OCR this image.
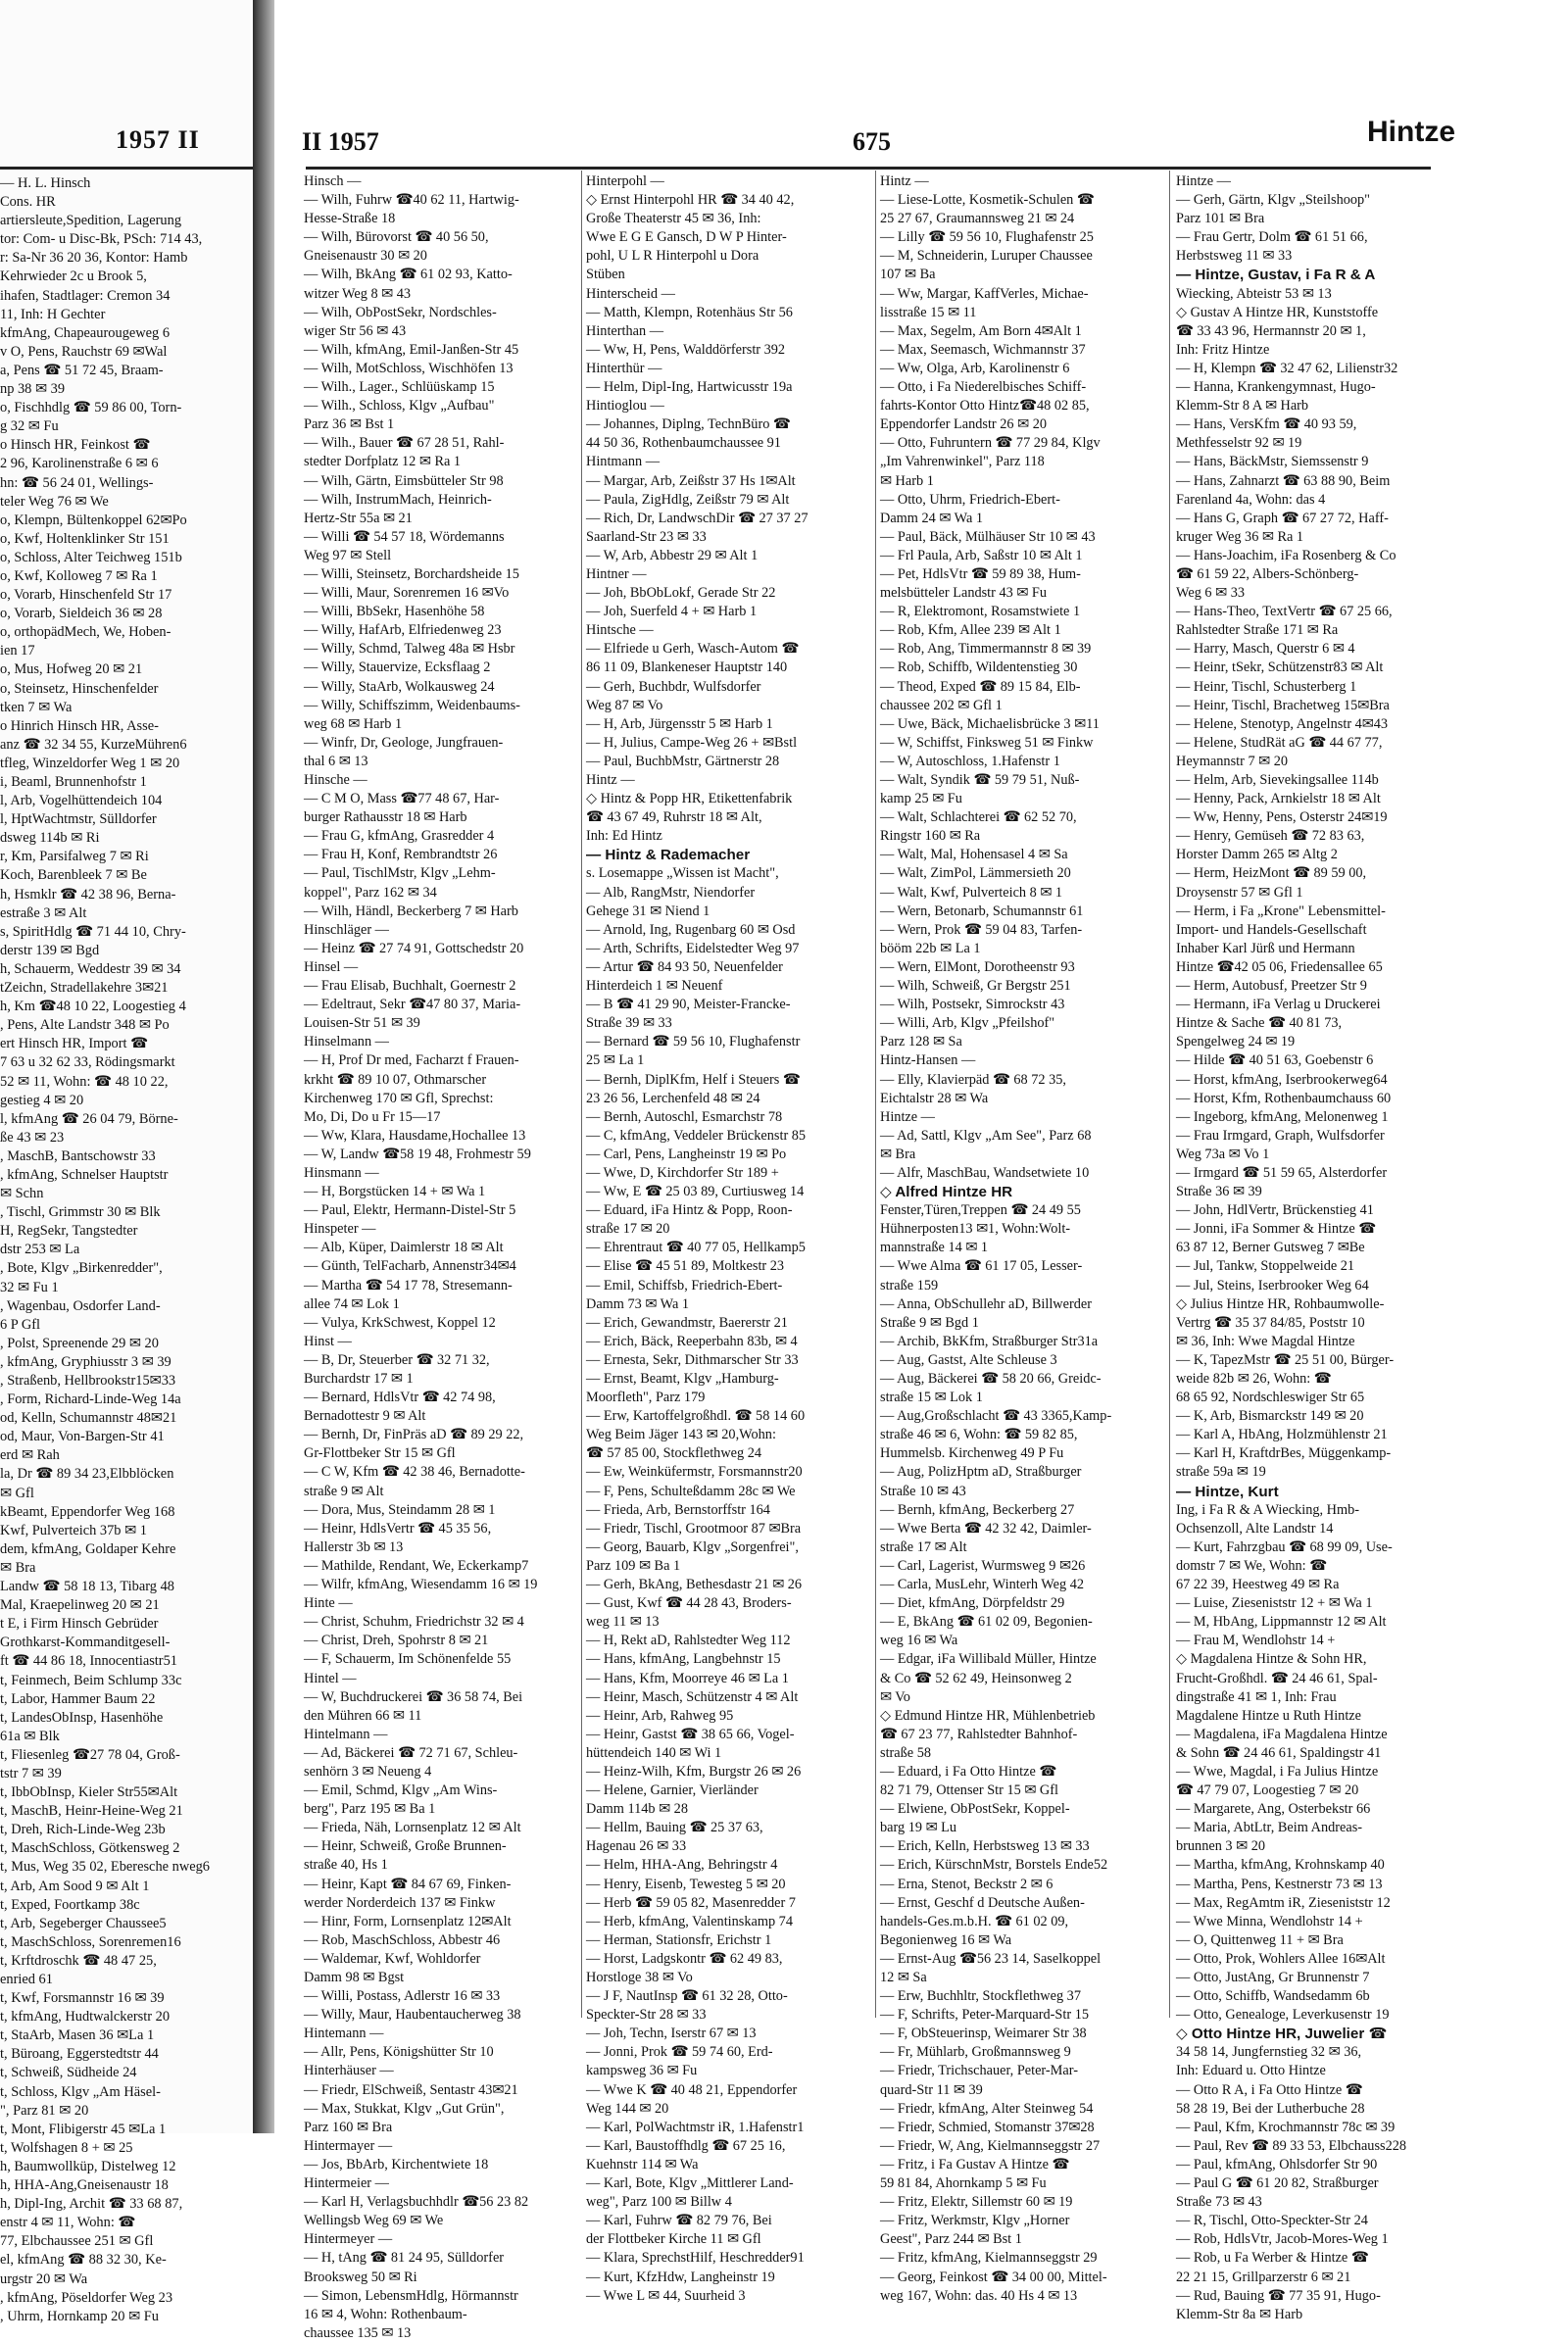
1957 II
— H. L. Hinsch
Cons. HR
artiersleute,Spedition, Lagerung
tor: Com- u Disc-Bk, PSch: 714 43,
r: Sa-Nr 36 20 36, Kontor: Hamb
Kehrwieder 2c u Brook 5,
ihafen, Stadtlager: Cremon 34
11, Inh: H Gechter
kfmAng, Chapeaurougeweg 6
v O, Pens, Rauchstr 69 ✉Wal
a, Pens ☎ 51 72 45, Braam-
np 38 ✉ 39
o, Fischhdlg ☎ 59 86 00, Torn-
g 32 ✉ Fu
o Hinsch HR, Feinkost ☎
2 96, Karolinenstraße 6 ✉ 6
hn: ☎ 56 24 01, Wellings-
teler Weg 76 ✉ We
o, Klempn, Bültenkoppel 62✉Po
o, Kwf, Holtenklinker Str 151
o, Schloss, Alter Teichweg 151b
o, Kwf, Kolloweg 7 ✉ Ra 1
o, Vorarb, Hinschenfeld Str 17
o, Vorarb, Sieldeich 36 ✉ 28
o, orthopädMech, We, Hoben-
ien 17
o, Mus, Hofweg 20 ✉ 21
o, Steinsetz, Hinschenfelder
tken 7 ✉ Wa
o Hinrich Hinsch HR, Asse-
anz ☎ 32 34 55, KurzeMühren6
tfleg, Winzeldorfer Weg 1 ✉ 20
i, Beaml, Brunnenhofstr 1
l, Arb, Vogelhüttendeich 104
l, HptWachtmstr, Sülldorfer
dsweg 114b ✉ Ri
r, Km, Parsifalweg 7 ✉ Ri
Koch, Barenbleek 7 ✉ Be
h, Hsmklr ☎ 42 38 96, Berna-
estraße 3 ✉ Alt
s, SpiritHdlg ☎ 71 44 10, Chry-
derstr 139 ✉ Bgd
h, Schauerm, Weddestr 39 ✉ 34
tZeichn, Stradellakehre 3✉21
h, Km ☎48 10 22, Loogestieg 4
, Pens, Alte Landstr 348 ✉ Po
ert Hinsch HR, Import ☎
7 63 u 32 62 33, Rödingsmarkt
52 ✉ 11, Wohn: ☎ 48 10 22,
gestieg 4 ✉ 20
l, kfmAng ☎ 26 04 79, Börne-
ße 43 ✉ 23
, MaschB, Bantschowstr 33
, kfmAng, Schnelser Hauptstr
✉ Schn
, Tischl, Grimmstr 30 ✉ Blk
H, RegSekr, Tangstedter
dstr 253 ✉ La
, Bote, Klgv „Birkenredder",
32 ✉ Fu 1
, Wagenbau, Osdorfer Land-
6 P Gfl
, Polst, Spreenende 29 ✉ 20
, kfmAng, Gryphiusstr 3 ✉ 39
, Straßenb, Hellbrookstr15✉33
, Form, Richard-Linde-Weg 14a
od, Kelln, Schumannstr 48✉21
od, Maur, Von-Bargen-Str 41
erd ✉ Rah
la, Dr ☎ 89 34 23,Elbblöcken
✉ Gfl
kBeamt, Eppendorfer Weg 168
Kwf, Pulverteich 37b ✉ 1
dem, kfmAng, Goldaper Kehre
✉ Bra
Landw ☎ 58 18 13, Tibarg 48
Mal, Kraepelinweg 20 ✉ 21
t E, i Firm Hinsch Gebrüder
Grothkarst-Kommanditgesell-
ft ☎ 44 86 18, Innocentiastr51
t, Feinmech, Beim Schlump 33c
t, Labor, Hammer Baum 22
t, LandesObInsp, Hasenhöhe
61a ✉ Blk
t, Fliesenleg ☎27 78 04, Groß-
tstr 7 ✉ 39
t, IbbObInsp, Kieler Str55✉Alt
t, MaschB, Heinr-Heine-Weg 21
t, Dreh, Rich-Linde-Weg 23b
t, MaschSchloss, Götkensweg 2
t, Mus, Weg 35 02, Eberesche nweg6
t, Arb, Am Sood 9 ✉ Alt 1
t, Exped, Foortkamp 38c
t, Arb, Segeberger Chaussee5
t, MaschSchloss, Sorenremen16
t, Krftdroschk ☎ 48 47 25,
enried 61
t, Kwf, Forsmannstr 16 ✉ 39
t, kfmAng, Hudtwalckerstr 20
t, StaArb, Masen 36 ✉La 1
t, Büroang, Eggerstedtstr 44
t, Schweiß, Südheide 24
t, Schloss, Klgv „Am Häsel-
", Parz 81 ✉ 20
t, Mont, Flibigerstr 45 ✉La 1
t, Wolfshagen 8 + ✉ 25
h, Baumwollküp, Distelweg 12
h, HHA-Ang,Gneisenaustr 18
h, Dipl-Ing, Archit ☎ 33 68 87,
enstr 4 ✉ 11, Wohn: ☎
77, Elbchaussee 251 ✉ Gfl
el, kfmAng ☎ 88 32 30, Ke-
urgstr 20 ✉ Wa
, kfmAng, Pöseldorfer Weg 23
, Uhrm, Hornkamp 20 ✉ Fu
II 1957	675	Hintze
Hinsch —
— Wilh, Fuhrw ☎40 62 11, Hartwig-
Hesse-Straße 18
— Wilh, Bürovorst ☎ 40 56 50,
Gneisenaustr 30 ✉ 20
— Wilh, BkAng ☎ 61 02 93, Katto-
witzer Weg 8 ✉ 43
— Wilh, ObPostSekr, Nordschles-
wiger Str 56 ✉ 43
— Wilh, kfmAng, Emil-Janßen-Str 45
— Wilh, MotSchloss, Wischhöfen 13
— Wilh., Lager., Schlüüskamp 15
— Wilh., Schloss, Klgv „Aufbau"
Parz 36 ✉ Bst 1
— Wilh., Bauer ☎ 67 28 51, Rahl-
stedter Dorfplatz 12 ✉ Ra 1
— Wilh, Gärtn, Eimsbütteler Str 98
— Wilh, InstrumMach, Heinrich-
Hertz-Str 55a ✉ 21
— Willi ☎ 54 57 18, Wördemanns
Weg 97 ✉ Stell
— Willi, Steinsetz, Borchardsheide 15
— Willi, Maur, Sorenremen 16 ✉Vo
— Willi, BbSekr, Hasenhöhe 58
— Willy, HafArb, Elfriedenweg 23
— Willy, Schmd, Talweg 48a ✉ Hsbr
— Willy, Stauervize, Ecksflaag 2
— Willy, StaArb, Wolkausweg 24
— Willy, Schiffszimm, Weidenbaums-
weg 68 ✉ Harb 1
— Winfr, Dr, Geologe, Jungfrauen-
thal 6 ✉ 13
Hinsche —
— C M O, Mass ☎77 48 67, Har-
burger Rathausstr 18 ✉ Harb
— Frau G, kfmAng, Grasredder 4
— Frau H, Konf, Rembrandtstr 26
— Paul, TischlMstr, Klgv „Lehm-
koppel", Parz 162 ✉ 34
— Wilh, Händl, Beckerberg 7 ✉ Harb
Hinschläger —
— Heinz ☎ 27 74 91, Gottschedstr 20
Hinsel —
— Frau Elisab, Buchhalt, Goernestr 2
— Edeltraut, Sekr ☎47 80 37, Maria-
Louisen-Str 51 ✉ 39
Hinselmann —
— H, Prof Dr med, Facharzt f Frauen-
krkht ☎ 89 10 07, Othmarscher
Kirchenweg 170 ✉ Gfl, Sprechst:
Mo, Di, Do u Fr 15—17
— Ww, Klara, Hausdame,Hochallee 13
— W, Landw ☎58 19 48, Frohmestr 59
Hinsmann —
— H, Borgstücken 14 + ✉ Wa 1
— Paul, Elektr, Hermann-Distel-Str 5
Hinspeter —
— Alb, Küper, Daimlerstr 18 ✉ Alt
— Günth, TelFacharb, Annenstr34✉4
— Martha ☎ 54 17 78, Stresemann-
allee 74 ✉ Lok 1
— Vulya, KrkSchwest, Koppel 12
Hinst —
— B, Dr, Steuerber ☎ 32 71 32,
Burchardstr 17 ✉ 1
— Bernard, HdlsVtr ☎ 42 74 98,
Bernadottestr 9 ✉ Alt
— Bernh, Dr, FinPräs aD ☎ 89 29 22,
Gr-Flottbeker Str 15 ✉ Gfl
— C W, Kfm ☎ 42 38 46, Bernadotte-
straße 9 ✉ Alt
— Dora, Mus, Steindamm 28 ✉ 1
— Heinr, HdlsVertr ☎ 45 35 56,
Hallerstr 3b ✉ 13
— Mathilde, Rendant, We, Eckerkamp7
— Wilfr, kfmAng, Wiesendamm 16 ✉ 19
Hinte —
— Christ, Schuhm, Friedrichstr 32 ✉ 4
— Christ, Dreh, Spohrstr 8 ✉ 21
— F, Schauerm, Im Schönenfelde 55
Hintel —
— W, Buchdruckerei ☎ 36 58 74, Bei
den Mühren 66 ✉ 11
Hintelmann —
— Ad, Bäckerei ☎ 72 71 67, Schleu-
senhörn 3 ✉ Neueng 4
— Emil, Schmd, Klgv „Am Wins-
berg", Parz 195 ✉ Ba 1
— Frieda, Näh, Lornsenplatz 12 ✉ Alt
— Heinr, Schweiß, Große Brunnen-
straße 40, Hs 1
— Heinr, Kapt ☎ 84 67 69, Finken-
werder Norderdeich 137 ✉ Finkw
— Hinr, Form, Lornsenplatz 12✉Alt
— Rob, MaschSchloss, Abbestr 46
— Waldemar, Kwf, Wohldorfer
Damm 98 ✉ Bgst
— Willi, Postass, Adlerstr 16 ✉ 33
— Willy, Maur, Haubentaucherweg 38
Hintemann —
— Allr, Pens, Königshütter Str 10
Hinterhäuser —
— Friedr, ElSchweiß, Sentastr 43✉21
— Max, Stukkat, Klgv „Gut Grün",
Parz 160 ✉ Bra
Hintermayer —
— Jos, BbArb, Kirchentwiete 18
Hintermeier —
— Karl H, Verlagsbuchhdlr ☎56 23 82
Wellingsb Weg 69 ✉ We
Hintermeyer —
— H, tAng ☎ 81 24 95, Sülldorfer
Brooksweg 50 ✉ Ri
— Simon, LebensmHdlg, Hörmannstr
16 ✉ 4, Wohn: Rothenbaum-
chaussee 135 ✉ 13
Hinterpohl —
◇ Ernst Hinterpohl HR ☎ 34 40 42,
Große Theaterstr 45 ✉ 36, Inh:
Wwe E G E Gansch, D W P Hinter-
pohl, U L R Hinterpohl u Dora
Stüben
Hinterscheid —
— Matth, Klempn, Rotenhäus Str 56
Hinterthan —
— Ww, H, Pens, Walddörferstr 392
Hinterthür —
— Helm, Dipl-Ing, Hartwicusstr 19a
Hintioglou —
— Johannes, Diplng, TechnBüro ☎
44 50 36, Rothenbaumchaussee 91
Hintmann —
— Margar, Arb, Zeißstr 37 Hs 1✉Alt
— Paula, ZigHdlg, Zeißstr 79 ✉ Alt
— Rich, Dr, LandwschDir ☎ 27 37 27
Saarland-Str 23 ✉ 33
— W, Arb, Abbestr 29 ✉ Alt 1
Hintner —
— Joh, BbObLokf, Gerade Str 22
— Joh, Suerfeld 4 + ✉ Harb 1
Hintsche —
— Elfriede u Gerh, Wasch-Autom ☎
86 11 09, Blankeneser Hauptstr 140
— Gerh, Buchbdr, Wulfsdorfer
Weg 87 ✉ Vo
— H, Arb, Jürgensstr 5 ✉ Harb 1
— H, Julius, Campe-Weg 26 + ✉Bstl
— Paul, BuchbMstr, Gärtnerstr 28
Hintz —
◇ Hintz & Popp HR, Etikettenfabrik
☎ 43 67 49, Ruhrstr 18 ✉ Alt,
Inh: Ed Hintz
— Hintz & Rademacher
s. Losemappe „Wissen ist Macht",
— Alb, RangMstr, Niendorfer
Gehege 31 ✉ Niend 1
— Arnold, Ing, Rugenbarg 60 ✉ Osd
— Arth, Schrifts, Eidelstedter Weg 97
— Artur ☎ 84 93 50, Neuenfelder
Hinterdeich 1 ✉ Neuenf
— B ☎ 41 29 90, Meister-Francke-
Straße 39 ✉ 33
— Bernard ☎ 59 56 10, Flughafenstr
25 ✉ La 1
— Bernh, DiplKfm, Helf i Steuers ☎
23 26 56, Lerchenfeld 48 ✉ 24
— Bernh, Autoschl, Esmarchstr 78
— C, kfmAng, Veddeler Brückenstr 85
— Carl, Pens, Langheinstr 19 ✉ Po
— Wwe, D, Kirchdorfer Str 189 +
— Ww, E ☎ 25 03 89, Curtiusweg 14
— Eduard, iFa Hintz & Popp, Roon-
straße 17 ✉ 20
— Ehrentraut ☎ 40 77 05, Hellkamp5
— Elise ☎ 45 51 89, Moltkestr 23
— Emil, Schiffsb, Friedrich-Ebert-
Damm 73 ✉ Wa 1
— Erich, Gewandmstr, Baererstr 21
— Erich, Bäck, Reeperbahn 83b, ✉ 4
— Ernesta, Sekr, Dithmarscher Str 33
— Ernst, Beamt, Klgv „Hamburg-
Moorfleth", Parz 179
— Erw, Kartoffelgroßhdl. ☎ 58 14 60
Weg Beim Jäger 143 ✉ 20,Wohn:
☎ 57 85 00, Stockflethweg 24
— Ew, Weinküfermstr, Forsmannstr20
— F, Pens, Schulteßdamm 28c ✉ We
— Frieda, Arb, Bernstorffstr 164
— Friedr, Tischl, Grootmoor 87 ✉Bra
— Georg, Bauarb, Klgv „Sorgenfrei",
Parz 109 ✉ Ba 1
— Gerh, BkAng, Bethesdastr 21 ✉ 26
— Gust, Kwf ☎ 44 28 43, Broders-
weg 11 ✉ 13
— H, Rekt aD, Rahlstedter Weg 112
— Hans, kfmAng, Langbehnstr 15
— Hans, Kfm, Moorreye 46 ✉ La 1
— Heinr, Masch, Schützenstr 4 ✉ Alt
— Heinr, Arb, Rahweg 95
— Heinr, Gastst ☎ 38 65 66, Vogel-
hüttendeich 140 ✉ Wi 1
— Heinz-Wilh, Kfm, Burgstr 26 ✉ 26
— Helene, Garnier, Vierländer
Damm 114b ✉ 28
— Hellm, Bauing ☎ 25 37 63,
Hagenau 26 ✉ 33
— Helm, HHA-Ang, Behringstr 4
— Henry, Eisenb, Tewesteg 5 ✉ 20
— Herb ☎ 59 05 82, Masenredder 7
— Herb, kfmAng, Valentinskamp 74
— Herman, Stationsfr, Erichstr 1
— Horst, Ladgskontr ☎ 62 49 83,
Horstloge 38 ✉ Vo
— J F, NautInsp ☎ 61 32 28, Otto-
Speckter-Str 28 ✉ 33
— Joh, Techn, Iserstr 67 ✉ 13
— Jonni, Prok ☎ 59 74 60, Erd-
kampsweg 36 ✉ Fu
— Wwe K ☎ 40 48 21, Eppendorfer
Weg 144 ✉ 20
— Karl, PolWachtmstr iR, 1.Hafenstr1
— Karl, Baustoffhdlg ☎ 67 25 16,
Kuehnstr 114 ✉ Wa
— Karl, Bote, Klgv „Mittlerer Land-
weg", Parz 100 ✉ Billw 4
— Karl, Fuhrw ☎ 82 79 76, Bei
der Flottbeker Kirche 11 ✉ Gfl
— Klara, SprechstHilf, Heschredder91
— Kurt, KfzHdw, Langheinstr 19
— Wwe L ✉ 44, Suurheid 3
Hintz —
— Liese-Lotte, Kosmetik-Schulen ☎
25 27 67, Graumannsweg 21 ✉ 24
— Lilly ☎ 59 56 10, Flughafenstr 25
— M, Schneiderin, Luruper Chaussee
107 ✉ Ba
— Ww, Margar, KaffVerles, Michae-
lisstraße 15 ✉ 11
— Max, Segelm, Am Born 4✉Alt 1
— Max, Seemasch, Wichmannstr 37
— Ww, Olga, Arb, Karolinenstr 6
— Otto, i Fa Niederelbisches Schiff-
fahrts-Kontor Otto Hintz☎48 02 85,
Eppendorfer Landstr 26 ✉ 20
— Otto, Fuhruntern ☎ 77 29 84, Klgv
„Im Vahrenwinkel", Parz 118
✉ Harb 1
— Otto, Uhrm, Friedrich-Ebert-
Damm 24 ✉ Wa 1
— Paul, Bäck, Mülhäuser Str 10 ✉ 43
— Frl Paula, Arb, Saßstr 10 ✉ Alt 1
— Pet, HdlsVtr ☎ 59 89 38, Hum-
melsbütteler Landstr 43 ✉ Fu
— R, Elektromont, Rosamstwiete 1
— Rob, Kfm, Allee 239 ✉ Alt 1
— Rob, Ang, Timmermannstr 8 ✉ 39
— Rob, Schiffb, Wildentenstieg 30
— Theod, Exped ☎ 89 15 84, Elb-
chaussee 202 ✉ Gfl 1
— Uwe, Bäck, Michaelisbrücke 3 ✉11
— W, Schiffst, Finksweg 51 ✉ Finkw
— W, Autoschloss, 1.Hafenstr 1
— Walt, Syndik ☎ 59 79 51, Nuß-
kamp 25 ✉ Fu
— Walt, Schlachterei ☎ 62 52 70,
Ringstr 160 ✉ Ra
— Walt, Mal, Hohensasel 4 ✉ Sa
— Walt, ZimPol, Lämmersieth 20
— Walt, Kwf, Pulverteich 8 ✉ 1
— Wern, Betonarb, Schumannstr 61
— Wern, Prok ☎ 59 04 83, Tarfen-
bööm 22b ✉ La 1
— Wern, ElMont, Dorotheenstr 93
— Wilh, Schweiß, Gr Bergstr 251
— Wilh, Postsekr, Simrockstr 43
— Willi, Arb, Klgv „Pfeilshof"
Parz 128 ✉ Sa
Hintz-Hansen —
— Elly, Klavierpäd ☎ 68 72 35,
Eichtalstr 28 ✉ Wa
Hintze —
— Ad, Sattl, Klgv „Am See", Parz 68
✉ Bra
— Alfr, MaschBau, Wandsetwiete 10
◇ Alfred Hintze HR
Fenster,Türen,Treppen ☎ 24 49 55
Hühnerposten13 ✉1, Wohn:Wolt-
mannstraße 14 ✉ 1
— Wwe Alma ☎ 61 17 05, Lesser-
straße 159
— Anna, ObSchullehr aD, Billwerder
Straße 9 ✉ Bgd 1
— Archib, BkKfm, Straßburger Str31a
— Aug, Gastst, Alte Schleuse 3
— Aug, Bäckerei ☎ 58 20 66, Greidc-
straße 15 ✉ Lok 1
— Aug,Großschlacht ☎ 43 3365,Kamp-
straße 46 ✉ 6, Wohn: ☎ 59 82 85,
Hummelsb. Kirchenweg 49 P Fu
— Aug, PolizHptm aD, Straßburger
Straße 10 ✉ 43
— Bernh, kfmAng, Beckerberg 27
— Wwe Berta ☎ 42 32 42, Daimler-
straße 17 ✉ Alt
— Carl, Lagerist, Wurmsweg 9 ✉26
— Carla, MusLehr, Winterh Weg 42
— Diet, kfmAng, Dörpfeldstr 29
— E, BkAng ☎ 61 02 09, Begonien-
weg 16 ✉ Wa
— Edgar, iFa Willibald Müller, Hintze
& Co ☎ 52 62 49, Heinsonweg 2
✉ Vo
◇ Edmund Hintze HR, Mühlenbetrieb
☎ 67 23 77, Rahlstedter Bahnhof-
straße 58
— Eduard, i Fa Otto Hintze ☎
82 71 79, Ottenser Str 15 ✉ Gfl
— Elwiene, ObPostSekr, Koppel-
barg 19 ✉ Lu
— Erich, Kelln, Herbstsweg 13 ✉ 33
— Erich, KürschnMstr, Borstels Ende52
— Erna, Stenot, Beckstr 2 ✉ 6
— Ernst, Geschf d Deutsche Außen-
handels-Ges.m.b.H. ☎ 61 02 09,
Begonienweg 16 ✉ Wa
— Ernst-Aug ☎56 23 14, Saselkoppel
12 ✉ Sa
— Erw, Buchhltr, Stockflethweg 37
— F, Schrifts, Peter-Marquard-Str 15
— F, ObSteuerinsp, Weimarer Str 38
— Fr, Mühlarb, Großmannsweg 9
— Friedr, Trichschauer, Peter-Mar-
quard-Str 11 ✉ 39
— Friedr, kfmAng, Alter Steinweg 54
— Friedr, Schmied, Stomanstr 37✉28
— Friedr, W, Ang, Kielmannseggstr 27
— Fritz, i Fa Gustav A Hintze ☎
59 81 84, Ahornkamp 5 ✉ Fu
— Fritz, Elektr, Sillemstr 60 ✉ 19
— Fritz, Werkmstr, Klgv „Horner
Geest", Parz 244 ✉ Bst 1
— Fritz, kfmAng, Kielmannseggstr 29
— Georg, Feinkost ☎ 34 00 00, Mittel-
weg 167, Wohn: das. 40 Hs 4 ✉ 13
Hintze —
— Gerh, Gärtn, Klgv „Steilshoop"
Parz 101 ✉ Bra
— Frau Gertr, Dolm ☎ 61 51 66,
Herbstsweg 11 ✉ 33
— Hintze, Gustav, i Fa R & A
Wiecking, Abteistr 53 ✉ 13
◇ Gustav A Hintze HR, Kunststoffe
☎ 33 43 96, Hermannstr 20 ✉ 1,
Inh: Fritz Hintze
— H, Klempn ☎ 32 47 62, Lilienstr32
— Hanna, Krankengymnast, Hugo-
Klemm-Str 8 A ✉ Harb
— Hans, VersKfm ☎ 40 93 59,
Methfesselstr 92 ✉ 19
— Hans, BäckMstr, Siemssenstr 9
— Hans, Zahnarzt ☎ 63 88 90, Beim
Farenland 4a, Wohn: das 4
— Hans G, Graph ☎ 67 27 72, Haff-
kruger Weg 36 ✉ Ra 1
— Hans-Joachim, iFa Rosenberg & Co
☎ 61 59 22, Albers-Schönberg-
Weg 6 ✉ 33
— Hans-Theo, TextVertr ☎ 67 25 66,
Rahlstedter Straße 171 ✉ Ra
— Harry, Masch, Querstr 6 ✉ 4
— Heinr, tSekr, Schützenstr83 ✉ Alt
— Heinr, Tischl, Schusterberg 1
— Heinr, Tischl, Brachetweg 15✉Bra
— Helene, Stenotyp, Angelnstr 4✉43
— Helene, StudRät aG ☎ 44 67 77,
Heymannstr 7 ✉ 20
— Helm, Arb, Sievekingsallee 114b
— Henny, Pack, Arnkielstr 18 ✉ Alt
— Ww, Henny, Pens, Osterstr 24✉19
— Henry, Gemüseh ☎ 72 83 63,
Horster Damm 265 ✉ Altg 2
— Herm, HeizMont ☎ 89 59 00,
Droysenstr 57 ✉ Gfl 1
— Herm, i Fa „Krone" Lebensmittel-
Import- und Handels-Gesellschaft
Inhaber Karl Jürß und Hermann
Hintze ☎42 05 06, Friedensallee 65
— Herm, Autobusf, Preetzer Str 9
— Hermann, iFa Verlag u Druckerei
Hintze & Sache ☎ 40 81 73,
Spengelweg 24 ✉ 19
— Hilde ☎ 40 51 63, Goebenstr 6
— Horst, kfmAng, Iserbrookerweg64
— Horst, Kfm, Rothenbaumchauss 60
— Ingeborg, kfmAng, Melonenweg 1
— Frau Irmgard, Graph, Wulfsdorfer
Weg 73a ✉ Vo 1
— Irmgard ☎ 51 59 65, Alsterdorfer
Straße 36 ✉ 39
— John, HdlVertr, Brückenstieg 41
— Jonni, iFa Sommer & Hintze ☎
63 87 12, Berner Gutsweg 7 ✉Be
— Jul, Tankw, Stoppelweide 21
— Jul, Steins, Iserbrooker Weg 64
◇ Julius Hintze HR, Rohbaumwolle-
Vertrg ☎ 35 37 84/85, Poststr 10
✉ 36, Inh: Wwe Magdal Hintze
— K, TapezMstr ☎ 25 51 00, Bürger-
weide 82b ✉ 26, Wohn: ☎
68 65 92, Nordschleswiger Str 65
— K, Arb, Bismarckstr 149 ✉ 20
— Karl A, HbAng, Holzmühlenstr 21
— Karl H, KraftdrBes, Müggenkamp-
straße 59a ✉ 19
— Hintze, Kurt
Ing, i Fa R & A Wiecking, Hmb-
Ochsenzoll, Alte Landstr 14
— Kurt, Fahrzgbau ☎ 68 99 09, Use-
domstr 7 ✉ We, Wohn: ☎
67 22 39, Heestweg 49 ✉ Ra
— Luise, Zieseniststr 12 + ✉ Wa 1
— M, HbAng, Lippmannstr 12 ✉ Alt
— Frau M, Wendlohstr 14 +
◇ Magdalena Hintze & Sohn HR,
Frucht-Großhdl. ☎ 24 46 61, Spal-
dingstraße 41 ✉ 1, Inh: Frau
Magdalene Hintze u Ruth Hintze
— Magdalena, iFa Magdalena Hintze
& Sohn ☎ 24 46 61, Spaldingstr 41
— Wwe, Magdal, i Fa Julius Hintze
☎ 47 79 07, Loogestieg 7 ✉ 20
— Margarete, Ang, Osterbekstr 66
— Maria, AbtLtr, Beim Andreas-
brunnen 3 ✉ 20
— Martha, kfmAng, Krohnskamp 40
— Martha, Pens, Kestnerstr 73 ✉ 13
— Max, RegAmtm iR, Zieseniststr 12
— Wwe Minna, Wendlohstr 14 +
— O, Quittenweg 11 + ✉ Bra
— Otto, Prok, Wohlers Allee 16✉Alt
— Otto, JustAng, Gr Brunnenstr 7
— Otto, Schiffb, Wandsedamm 6b
— Otto, Genealoge, Leverkusenstr 19
◇ Otto Hintze HR, Juwelier ☎
34 58 14, Jungfernstieg 32 ✉ 36,
Inh: Eduard u. Otto Hintze
— Otto R A, i Fa Otto Hintze ☎
58 28 19, Bei der Lutherbuche 28
— Paul, Kfm, Krochmannstr 78c ✉ 39
— Paul, Rev ☎ 89 33 53, Elbchauss228
— Paul, kfmAng, Ohlsdorfer Str 90
— Paul G ☎ 61 20 82, Straßburger
Straße 73 ✉ 43
— R, Tischl, Otto-Speckter-Str 24
— Rob, HdlsVtr, Jacob-Mores-Weg 1
— Rob, u Fa Werber & Hintze ☎
22 21 15, Grillparzerstr 6 ✉ 21
— Rud, Bauing ☎ 77 35 91, Hugo-
Klemm-Str 8a ✉ Harb
